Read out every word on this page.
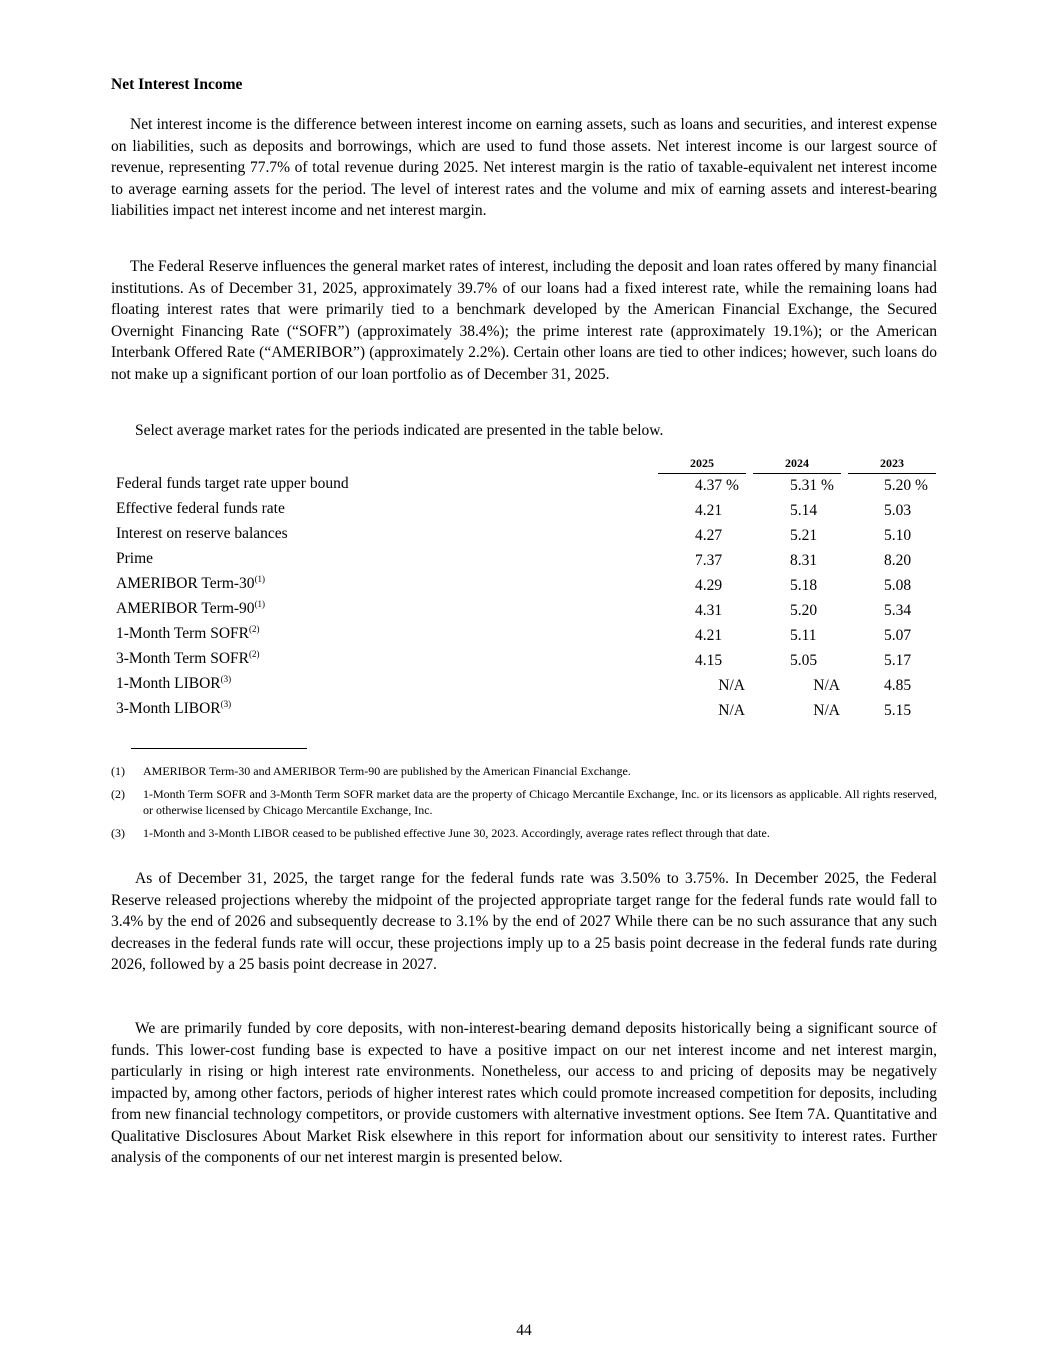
Net Interest Income

Net interest income is the difference between interest income on earning assets, such as loans and securities, and interest expense on liabilities, such as deposits and borrowings, which are used to fund those assets. Net interest income is our largest source of revenue, representing 77.7% of total revenue during 2025. Net interest margin is the ratio of taxable-equivalent net interest income to average earning assets for the period. The level of interest rates and the volume and mix of earning assets and interest-bearing liabilities impact net interest income and net interest margin.

The Federal Reserve influences the general market rates of interest, including the deposit and loan rates offered by many financial institutions. As of December 31, 2025, approximately 39.7% of our loans had a fixed interest rate, while the remaining loans had floating interest rates that were primarily tied to a benchmark developed by the American Financial Exchange, the Secured Overnight Financing Rate (“SOFR”) (approximately 38.4%); the prime interest rate (approximately 19.1%); or the American Interbank Offered Rate (“AMERIBOR”) (approximately 2.2%). Certain other loans are tied to other indices; however, such loans do not make up a significant portion of our loan portfolio as of December 31, 2025.

Select average market rates for the periods indicated are presented in the table below.

2025	2024	2023
Federal funds target rate upper bound	4.37 %	5.31 %	5.20 %
Effective federal funds rate	4.21	5.14	5.03
Interest on reserve balances	4.27	5.21	5.10
Prime	7.37	8.31	8.20
AMERIBOR Term-30$^{(1)}$	4.29	5.18	5.08
AMERIBOR Term-90$^{(1)}$	4.31	5.20	5.34
1-Month Term SOFR$^{(2)}$	4.21	5.11	5.07
3-Month Term SOFR$^{(2)}$	4.15	5.05	5.17
1-Month LIBOR$^{(3)}$	N/A	N/A	4.85
3-Month LIBOR$^{(3)}$	N/A	N/A	5.15
(1) AMERIBOR Term-30 and AMERIBOR Term-90 are published by the American Financial Exchange.
(2) 1-Month Term SOFR and 3-Month Term SOFR market data are the property of Chicago Mercantile Exchange, Inc. or its licensors as applicable. All rights reserved, or otherwise licensed by Chicago Mercantile Exchange, Inc.
(3) 1-Month and 3-Month LIBOR ceased to be published effective June 30, 2023. Accordingly, average rates reflect through that date.

As of December 31, 2025, the target range for the federal funds rate was 3.50% to 3.75%. In December 2025, the Federal Reserve released projections whereby the midpoint of the projected appropriate target range for the federal funds rate would fall to 3.4% by the end of 2026 and subsequently decrease to 3.1% by the end of 2027 While there can be no such assurance that any such decreases in the federal funds rate will occur, these projections imply up to a 25 basis point decrease in the federal funds rate during 2026, followed by a 25 basis point decrease in 2027.

We are primarily funded by core deposits, with non-interest-bearing demand deposits historically being a significant source of funds. This lower-cost funding base is expected to have a positive impact on our net interest income and net interest margin, particularly in rising or high interest rate environments. Nonetheless, our access to and pricing of deposits may be negatively impacted by, among other factors, periods of higher interest rates which could promote increased competition for deposits, including from new financial technology competitors, or provide customers with alternative investment options. See Item 7A. Quantitative and Qualitative Disclosures About Market Risk elsewhere in this report for information about our sensitivity to interest rates. Further analysis of the components of our net interest margin is presented below.

44
